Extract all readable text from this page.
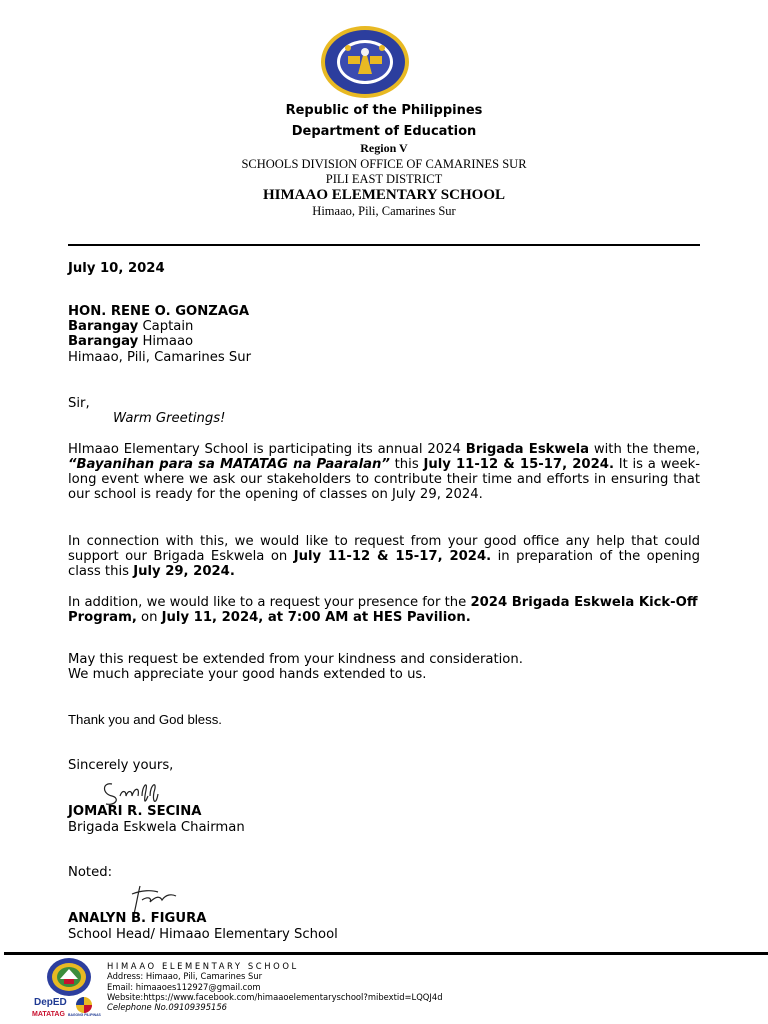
Republic of the Philippines
Department of Education
Region V
SCHOOLS DIVISION OFFICE OF CAMARINES SUR
PILI EAST DISTRICT
HIMAAO ELEMENTARY SCHOOL
Himaao, Pili, Camarines Sur
July 10, 2024
HON. RENE O. GONZAGA
Barangay Captain
Barangay Himaao
Himaao, Pili, Camarines Sur
Sir,
Warm Greetings!
HImaao Elementary School is participating its annual 2024 Brigada Eskwela with the theme, “Bayanihan para sa MATATAG na Paaralan” this July 11-12 & 15-17, 2024. It is a week-long event where we ask our stakeholders to contribute their time and efforts in ensuring that our school is ready for the opening of classes on July 29, 2024.
In connection with this, we would like to request from your good office any help that could support our Brigada Eskwela on July 11-12 & 15-17, 2024. in preparation of the opening class this July 29, 2024.
In addition, we would like to a request your presence for the 2024 Brigada Eskwela Kick-Off Program, on July 11, 2024, at 7:00 AM at HES Pavilion.
May this request be extended from your kindness and consideration.
We much appreciate your good hands extended to us.
Thank you and God bless.
Sincerely yours,
JOMARI R. SECINA
Brigada Eskwela Chairman
Noted:
ANALYN B. FIGURA
School Head/ Himaao Elementary School
DepED
MATATAG BAGONG PILIPINAS
HIMAAO ELEMENTARY SCHOOL
Address: Himaao, Pili, Camarines Sur
Email: himaaoes112927@gmail.com
Website:https://www.facebook.com/himaaoelementaryschool?mibextid=LQQJ4d
Celephone No.09109395156
